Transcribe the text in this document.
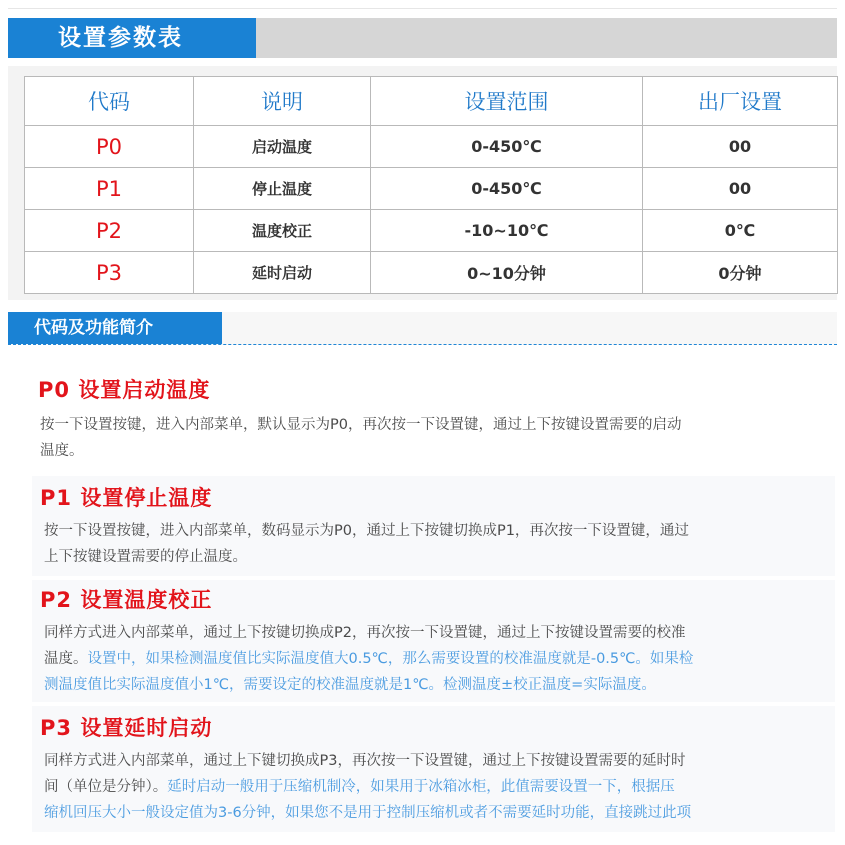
设置参数表
代码	说明	设置范围	出厂设置
P0	启动温度	0-450℃	00
P1	停止温度	0-450℃	00
P2	温度校正	-10~10℃	0℃
P3	延时启动	0~10分钟	0分钟
代码及功能简介
P0 设置启动温度
按一下设置按键，进入内部菜单，默认显示为P0，再次按一下设置键，通过上下按键设置需要的启动
温度。
P1 设置停止温度
按一下设置按键，进入内部菜单，数码显示为P0，通过上下按键切换成P1，再次按一下设置键，通过
上下按键设置需要的停止温度。
P2 设置温度校正
同样方式进入内部菜单，通过上下按键切换成P2，再次按一下设置键，通过上下按键设置需要的校准
温度。设置中，如果检测温度值比实际温度值大0.5℃，那么需要设置的校准温度就是-0.5℃。如果检
测温度值比实际温度值小1℃，需要设定的校准温度就是1℃。检测温度±校正温度=实际温度。
P3 设置延时启动
同样方式进入内部菜单，通过上下键切换成P3，再次按一下设置键，通过上下按键设置需要的延时时
间（单位是分钟）。延时启动一般用于压缩机制冷，如果用于冰箱冰柜，此值需要设置一下，根据压
缩机回压大小一般设定值为3-6分钟，如果您不是用于控制压缩机或者不需要延时功能，直接跳过此项
